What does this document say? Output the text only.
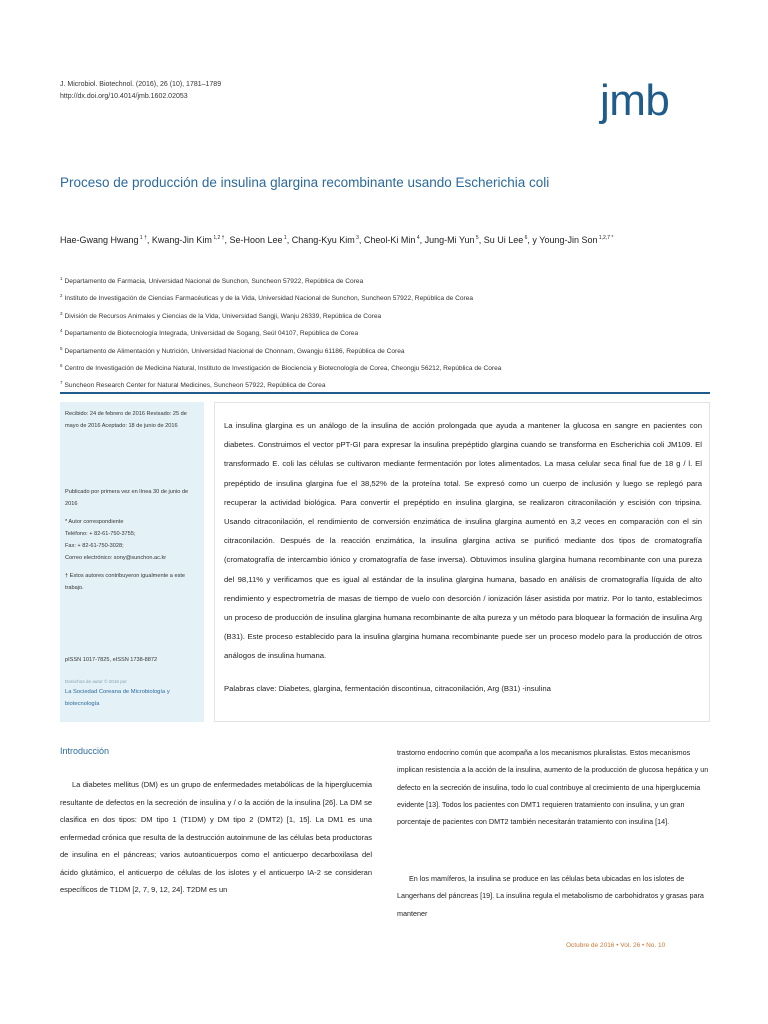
J. Microbiol. Biotechnol. (2016), 26 (10), 1781–1789
http://dx.doi.org/10.4014/jmb.1602.02053	jmb
Proceso de producción de insulina glargina recombinante usando Escherichia coli
Hae-Gwang Hwang $^{1 \dagger}$, Kwang-Jin Kim $^{1,2 \dagger}$, Se-Hoon Lee $^1$, Chang-Kyu Kim $^3$, Cheol-Ki Min $^4$, Jung-Mi Yun $^5$, Su Ui Lee $^6$, y Young-Jin Son $^{1,2,7 *}$
$^1$ Departamento de Farmacia, Universidad Nacional de Sunchon, Suncheon 57922, República de Corea
$^2$ Instituto de Investigación de Ciencias Farmacéuticas y de la Vida, Universidad Nacional de Sunchon, Suncheon 57922, República de Corea
$^3$ División de Recursos Animales y Ciencias de la Vida, Universidad Sangji, Wanju 26339, República de Corea
$^4$ Departamento de Biotecnología Integrada, Universidad de Sogang, Seúl 04107, República de Corea
$^5$ Departamento de Alimentación y Nutrición, Universidad Nacional de Chonnam, Gwangju 61186, República de Corea
$^6$ Centro de Investigación de Medicina Natural, Instituto de Investigación de Biociencia y Biotecnología de Corea, Cheongju 56212, República de Corea
$^7$ Suncheon Research Center for Natural Medicines, Suncheon 57922, República de Corea
Recibido: 24 de febrero de 2016 Revisado: 25 de mayo de 2016 Aceptado: 18 de junio de 2016
Publicado por primera vez en línea 30 de junio de 2016
* Autor correspondiente
Teléfono: + 82-61-750-3755;
Fax: + 82-61-750-3028;
Correo electrónico: sony@sunchon.ac.kr
† Estos autores contribuyeron igualmente a este trabajo.
pISSN 1017-7825, eISSN 1738-8872
Derechos de autor © 2016 por
La Sociedad Coreana de Microbiología y biotecnología
La insulina glargina es un análogo de la insulina de acción prolongada que ayuda a mantener la glucosa en sangre en pacientes con diabetes. Construimos el vector pPT-GI para expresar la insulina prepéptido glargina cuando se transforma en Escherichia coli JM109. El transformado E. coli las células se cultivaron mediante fermentación por lotes alimentados. La masa celular seca final fue de 18 g / l. El prepéptido de insulina glargina fue el 38,52% de la proteína total. Se expresó como un cuerpo de inclusión y luego se replegó para recuperar la actividad biológica. Para convertir el prepéptido en insulina glargina, se realizaron citraconilación y escisión con tripsina. Usando citraconilación, el rendimiento de conversión enzimática de insulina glargina aumentó en 3,2 veces en comparación con el sin citraconilación. Después de la reacción enzimática, la insulina glargina activa se purificó mediante dos tipos de cromatografía (cromatografía de intercambio iónico y cromatografía de fase inversa). Obtuvimos insulina glargina humana recombinante con una pureza del 98,11% y verificamos que es igual al estándar de la insulina glargina humana, basado en análisis de cromatografía líquida de alto rendimiento y espectrometría de masas de tiempo de vuelo con desorción / ionización láser asistida por matriz. Por lo tanto, establecimos un proceso de producción de insulina glargina humana recombinante de alta pureza y un método para bloquear la formación de insulina Arg (B31). Este proceso establecido para la insulina glargina humana recombinante puede ser un proceso modelo para la producción de otros análogos de insulina humana.
Palabras clave: Diabetes, glargina, fermentación discontinua, citraconilación, Arg (B31) -insulina
Introducción
La diabetes mellitus (DM) es un grupo de enfermedades metabólicas de la hiperglucemia resultante de defectos en la secreción de insulina y / o la acción de la insulina [26]. La DM se clasifica en dos tipos: DM tipo 1 (T1DM) y DM tipo 2 (DMT2) [1, 15]. La DM1 es una enfermedad crónica que resulta de la destrucción autoinmune de las células beta productoras de insulina en el páncreas; varios autoanticuerpos como el anticuerpo decarboxilasa del ácido glutámico, el anticuerpo de células de los islotes y el anticuerpo IA-2 se consideran específicos de T1DM [2, 7, 9, 12, 24]. T2DM es un
trastorno endocrino común que acompaña a los mecanismos pluralistas. Estos mecanismos implican resistencia a la acción de la insulina, aumento de la producción de glucosa hepática y un defecto en la secreción de insulina, todo lo cual contribuye al crecimiento de una hiperglucemia evidente [13]. Todos los pacientes con DMT1 requieren tratamiento con insulina, y un gran porcentaje de pacientes con DMT2 también necesitarán tratamiento con insulina [14].
En los mamíferos, la insulina se produce en las células beta ubicadas en los islotes de Langerhans del páncreas [19]. La insulina regula el metabolismo de carbohidratos y grasas para mantener
Octubre de 2016 • Vol. 26 • No. 10
